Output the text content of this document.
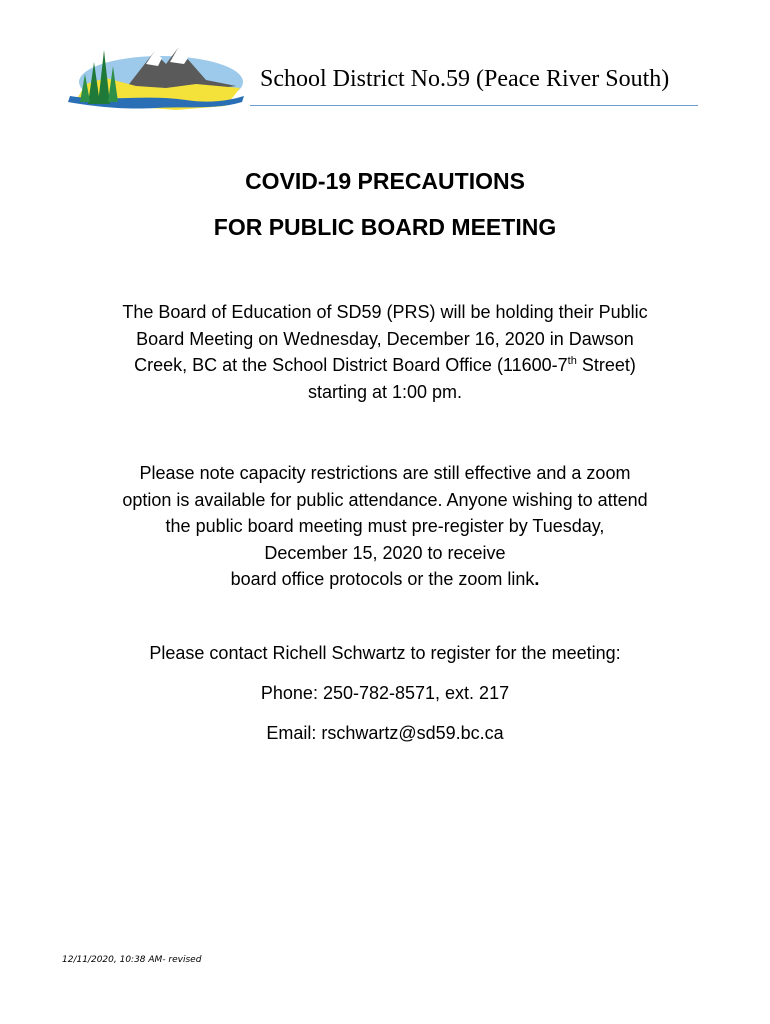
School District No.59 (Peace River South)
COVID-19 PRECAUTIONS
FOR PUBLIC BOARD MEETING
The Board of Education of SD59 (PRS) will be holding their Public
Board Meeting on Wednesday, December 16, 2020 in Dawson
Creek, BC at the School District Board Office (11600-7th Street)
starting at 1:00 pm.
Please note capacity restrictions are still effective and a zoom
option is available for public attendance. Anyone wishing to attend
the public board meeting must pre-register by Tuesday,
December 15, 2020 to receive
board office protocols or the zoom link.
Please contact Richell Schwartz to register for the meeting:
Phone: 250-782-8571, ext. 217
Email: rschwartz@sd59.bc.ca
12/11/2020, 10:38 AM- revised
